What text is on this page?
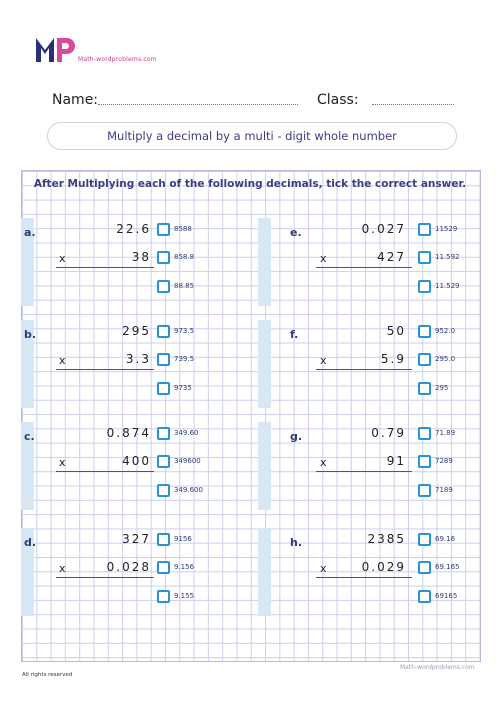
Math-wordproblems.com
Name:	Class:
Multiply a decimal by a multi - digit whole number
After Multiplying each of the following decimals, tick the correct answer.
a.	22.6
x	38
8588
858.8
88.85
b.	295
x	3.3
973.5
739.5
9735
c.	0.874
x	400
349.60
349600
349.600
d.	327
x	0.028
9156
9.156
9.155
e.	0.027
x	427
11529
11.592
11.529
f.	50
x	5.9
952.0
295.0
295
g.	0.79
x	91
71.89
7289
7189
h.	2385
x	0.029
69.16
69.165
69165
All rights reserved
Math-wordproblems.com
